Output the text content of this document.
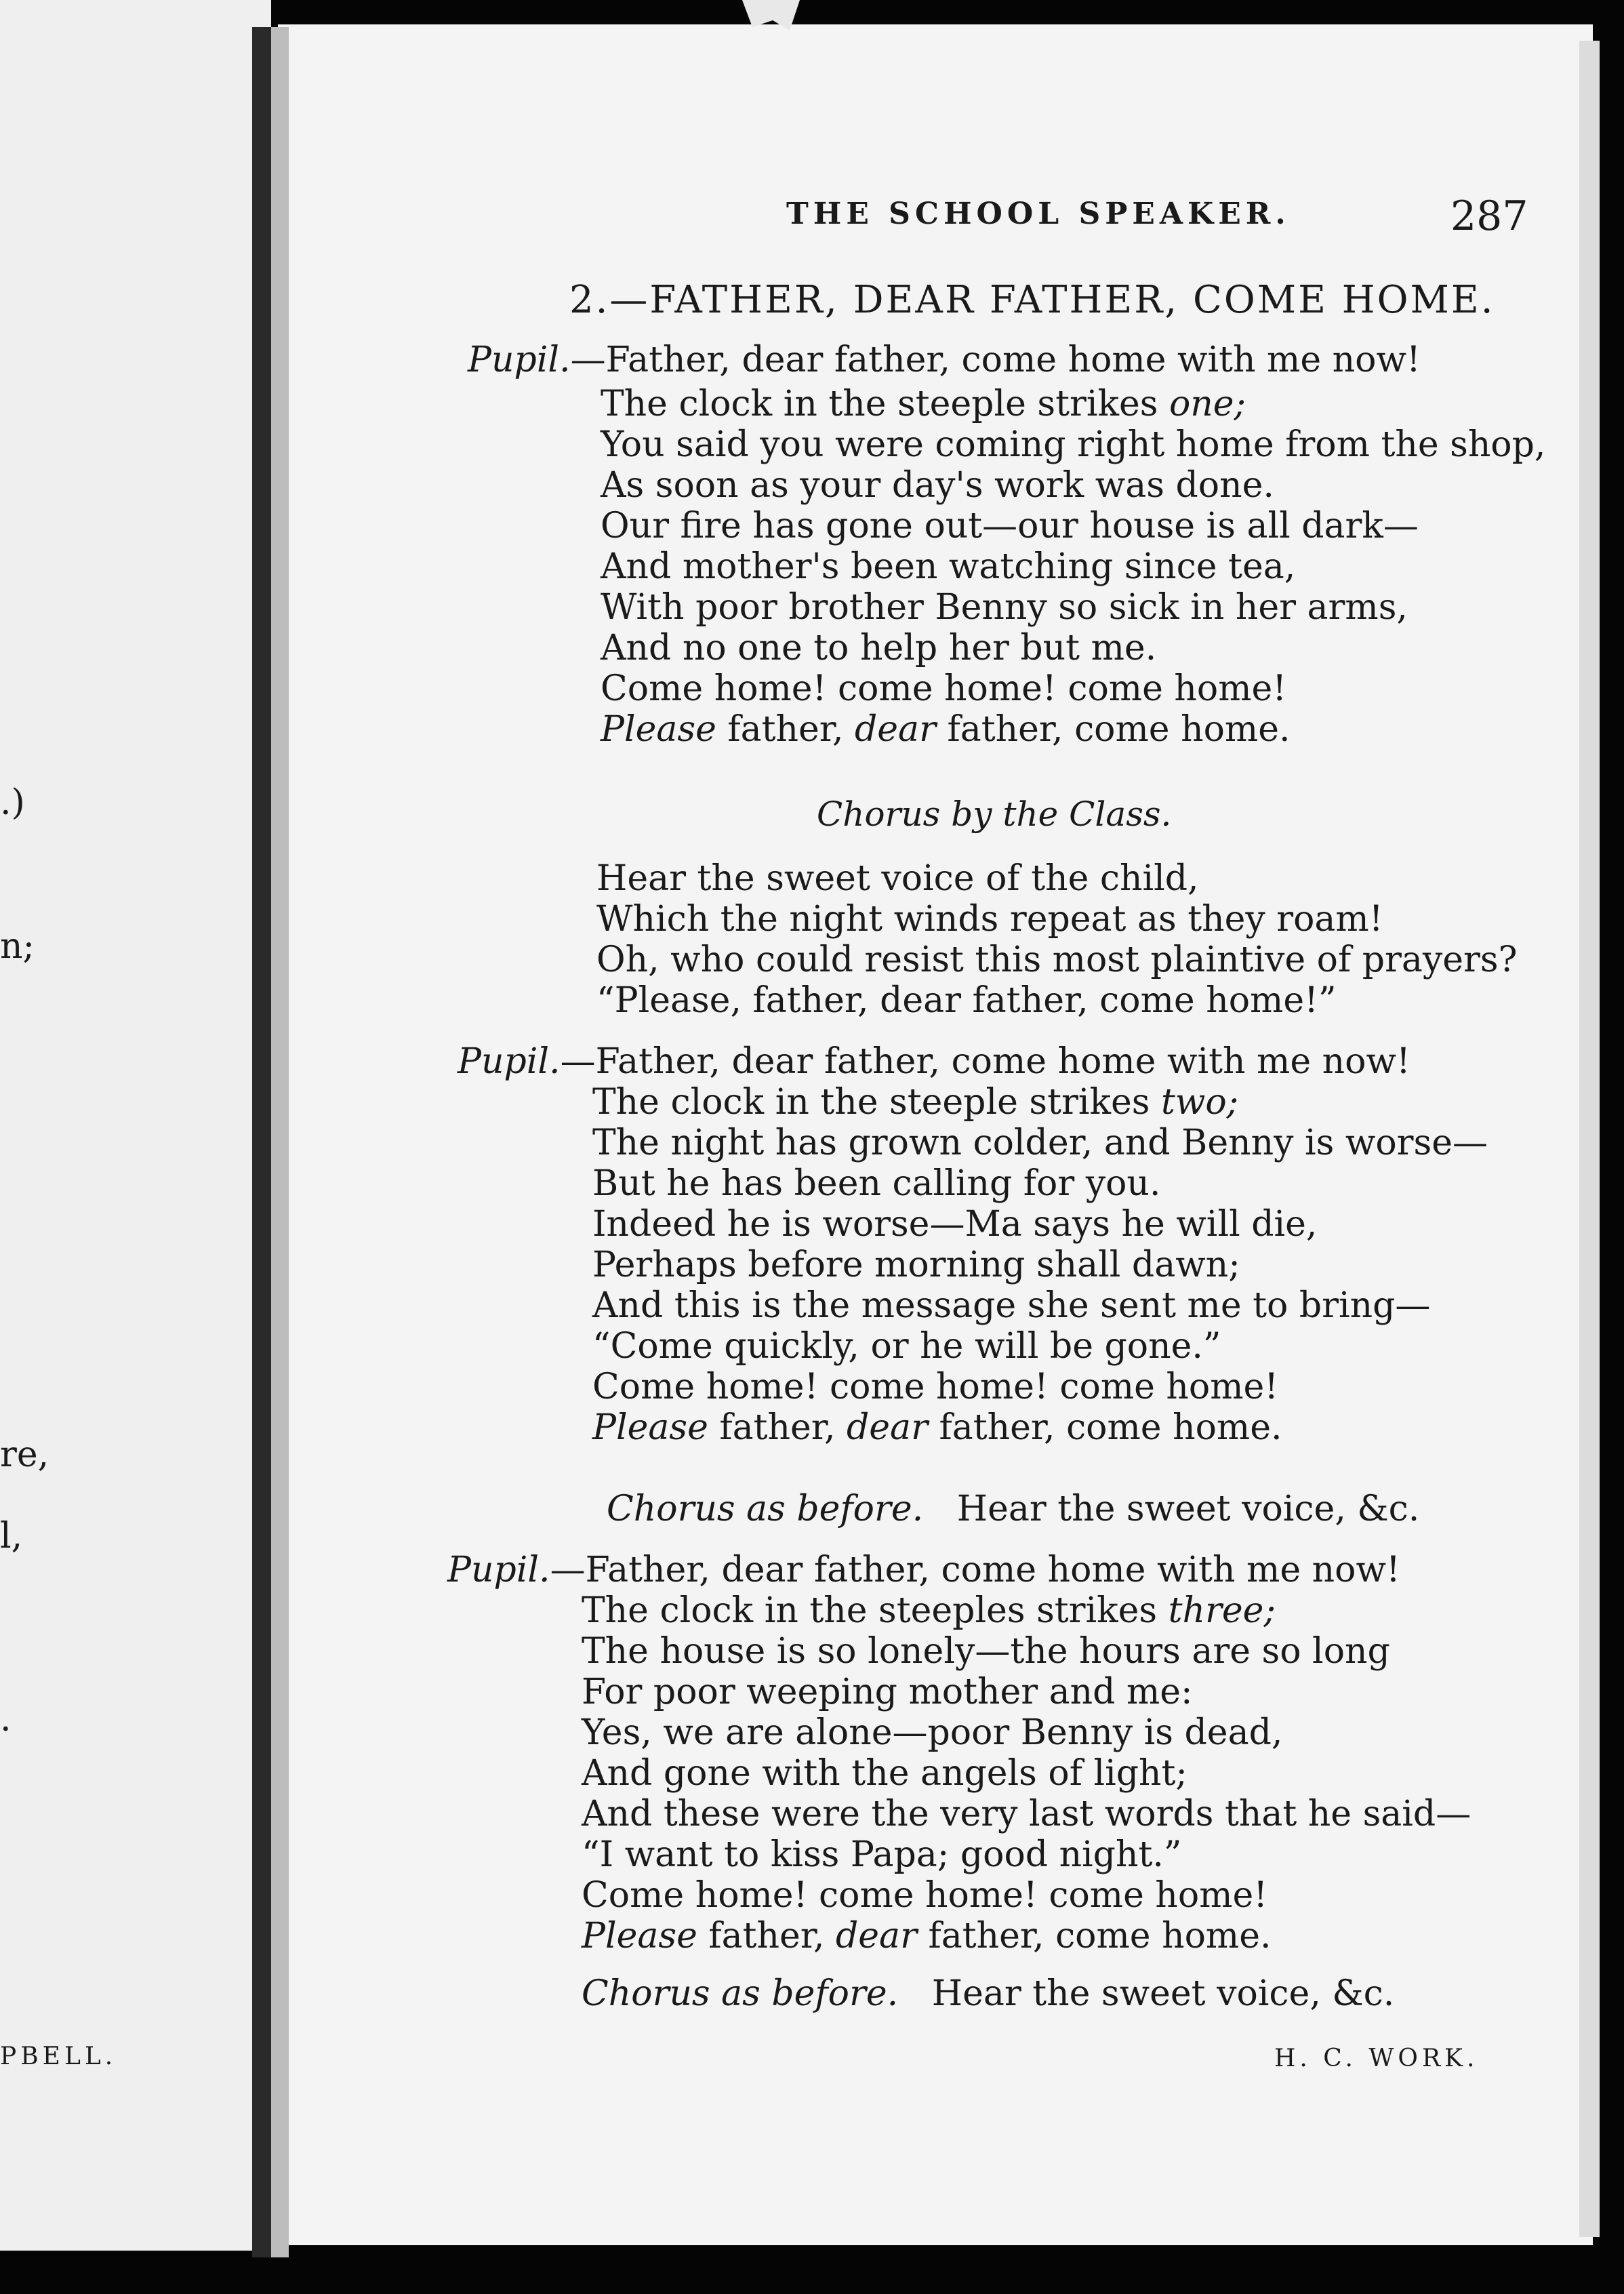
.)
n;
re,
l,
.
PBELL.
THE SCHOOL SPEAKER.	287
2.—FATHER, DEAR FATHER, COME HOME.
Pupil.—Father, dear father, come home with me now!
The clock in the steeple strikes one;
You said you were coming right home from the shop,
As soon as your day's work was done.
Our fire has gone out—our house is all dark—
And mother's been watching since tea,
With poor brother Benny so sick in her arms,
And no one to help her but me.
Come home! come home! come home!
Please father, dear father, come home.
Chorus by the Class.
Hear the sweet voice of the child,
Which the night winds repeat as they roam!
Oh, who could resist this most plaintive of prayers?
“Please, father, dear father, come home!”
Pupil.—Father, dear father, come home with me now!
The clock in the steeple strikes two;
The night has grown colder, and Benny is worse—
But he has been calling for you.
Indeed he is worse—Ma says he will die,
Perhaps before morning shall dawn;
And this is the message she sent me to bring—
“Come quickly, or he will be gone.”
Come home! come home! come home!
Please father, dear father, come home.
Chorus as before. Hear the sweet voice, &c.
Pupil.—Father, dear father, come home with me now!
The clock in the steeples strikes three;
The house is so lonely—the hours are so long
For poor weeping mother and me:
Yes, we are alone—poor Benny is dead,
And gone with the angels of light;
And these were the very last words that he said—
“I want to kiss Papa; good night.”
Come home! come home! come home!
Please father, dear father, come home.
Chorus as before. Hear the sweet voice, &c.
H. C. WORK.
